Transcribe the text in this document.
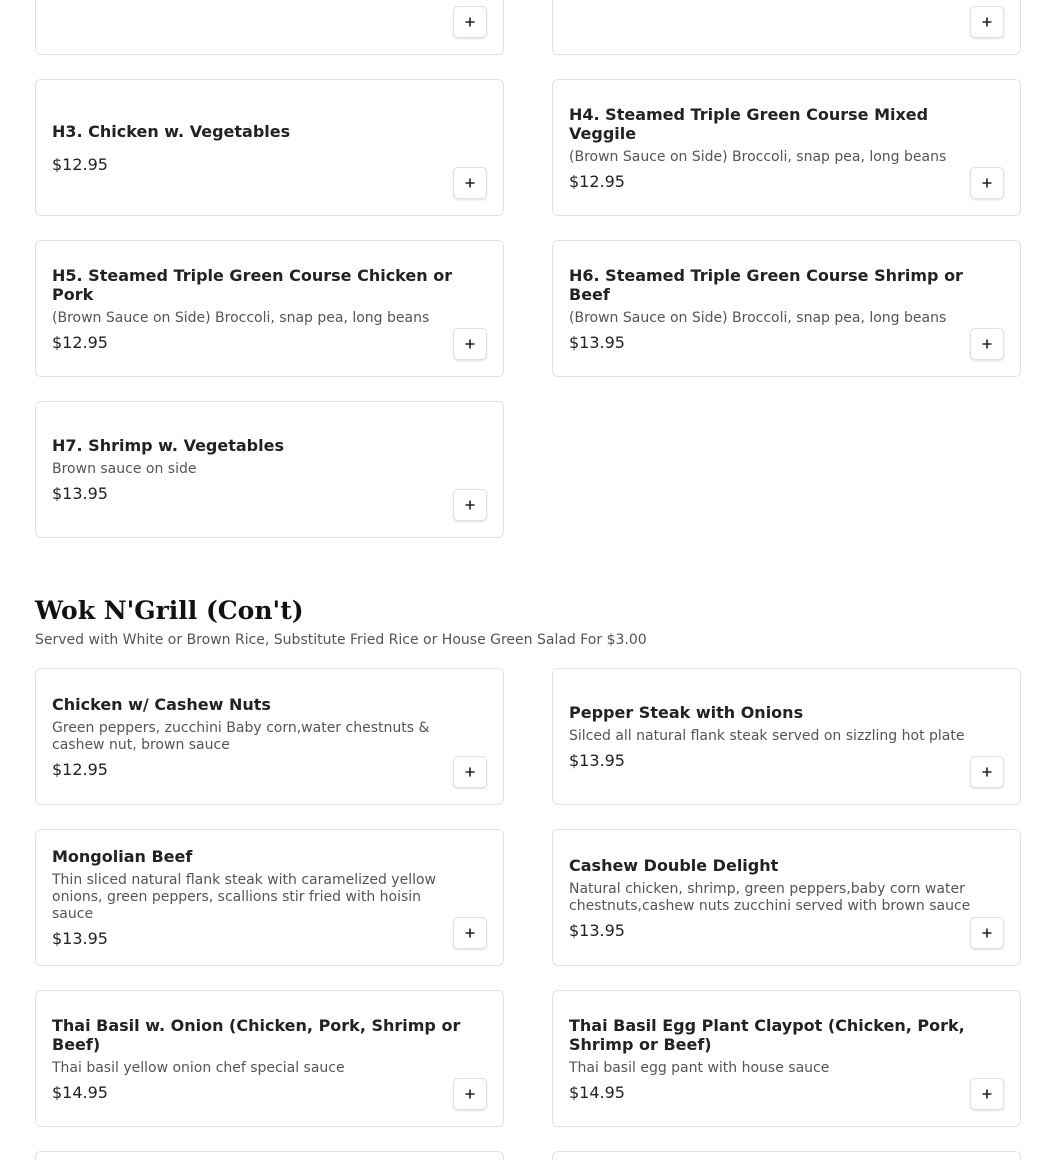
H3. Chicken w. Vegetables
$12.95
H4. Steamed Triple Green Course Mixed Veggile
(Brown Sauce on Side) Broccoli, snap pea, long beans
$12.95
H5. Steamed Triple Green Course Chicken or Pork
(Brown Sauce on Side) Broccoli, snap pea, long beans
$12.95
H6. Steamed Triple Green Course Shrimp or Beef
(Brown Sauce on Side) Broccoli, snap pea, long beans
$13.95
H7. Shrimp w. Vegetables
Brown sauce on side
$13.95
Wok N'Grill (Con't)

Served with White or Brown Rice, Substitute Fried Rice or House Green Salad For $3.00

Chicken w/ Cashew Nuts
Green peppers, zucchini Baby corn,water chestnuts & cashew nut, brown sauce
$12.95
Pepper Steak with Onions
Silced all natural flank steak served on sizzling hot plate
$13.95
Mongolian Beef
Thin sliced natural flank steak with caramelized yellow onions, green peppers, scallions stir fried with hoisin sauce
$13.95
Cashew Double Delight
Natural chicken, shrimp, green peppers,baby corn water chestnuts,cashew nuts zucchini served with brown sauce
$13.95
Thai Basil w. Onion (Chicken, Pork, Shrimp or Beef)
Thai basil yellow onion chef special sauce
$14.95
Thai Basil Egg Plant Claypot (Chicken, Pork, Shrimp or Beef)
Thai basil egg pant with house sauce
$14.95
